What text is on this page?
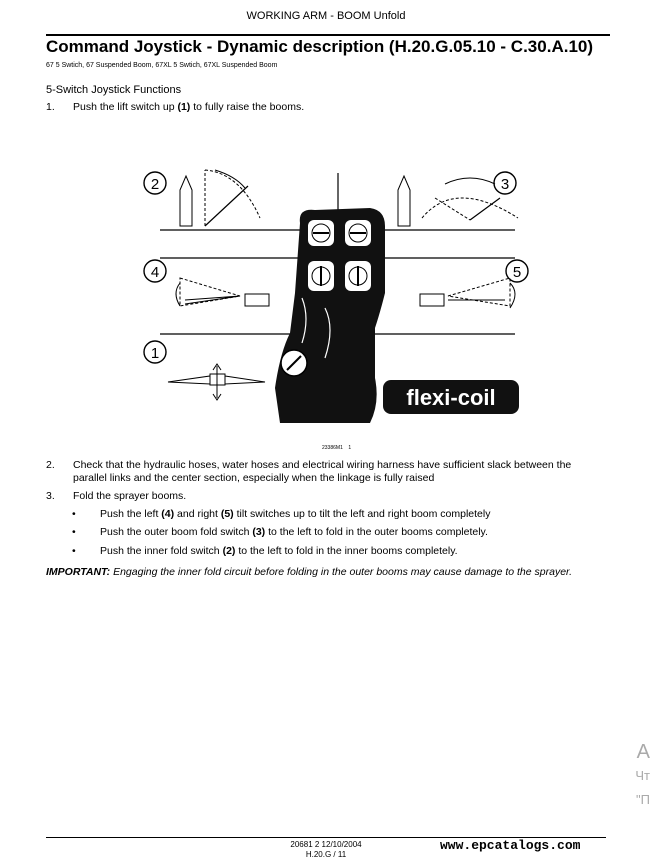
WORKING ARM - BOOM Unfold
Command Joystick - Dynamic description (H.20.G.05.10 - C.30.A.10)
67 5 Swtich, 67 Suspended Boom, 67XL 5 Swtich, 67XL Suspended Boom
5-Switch Joystick Functions
1. Push the lift switch up (1) to fully raise the booms.
flexi-coil
2	3
4	5
1
23386M1 1
2. Check that the hydraulic hoses, water hoses and electrical wiring harness have sufficient slack between the
parallel links and the center section, especially when the linkage is fully raised
3. Fold the sprayer booms.
• Push the left (4) and right (5) tilt switches up to tilt the left and right boom completely
• Push the outer boom fold switch (3) to the left to fold in the outer booms completely.
• Push the inner fold switch (2) to the left to fold in the inner booms completely.
IMPORTANT: Engaging the inner fold circuit before folding in the outer booms may cause damage to the sprayer.
А
Чт
"П
20681 2 12/10/2004
H.20.G / 11
www.epcatalogs.com
